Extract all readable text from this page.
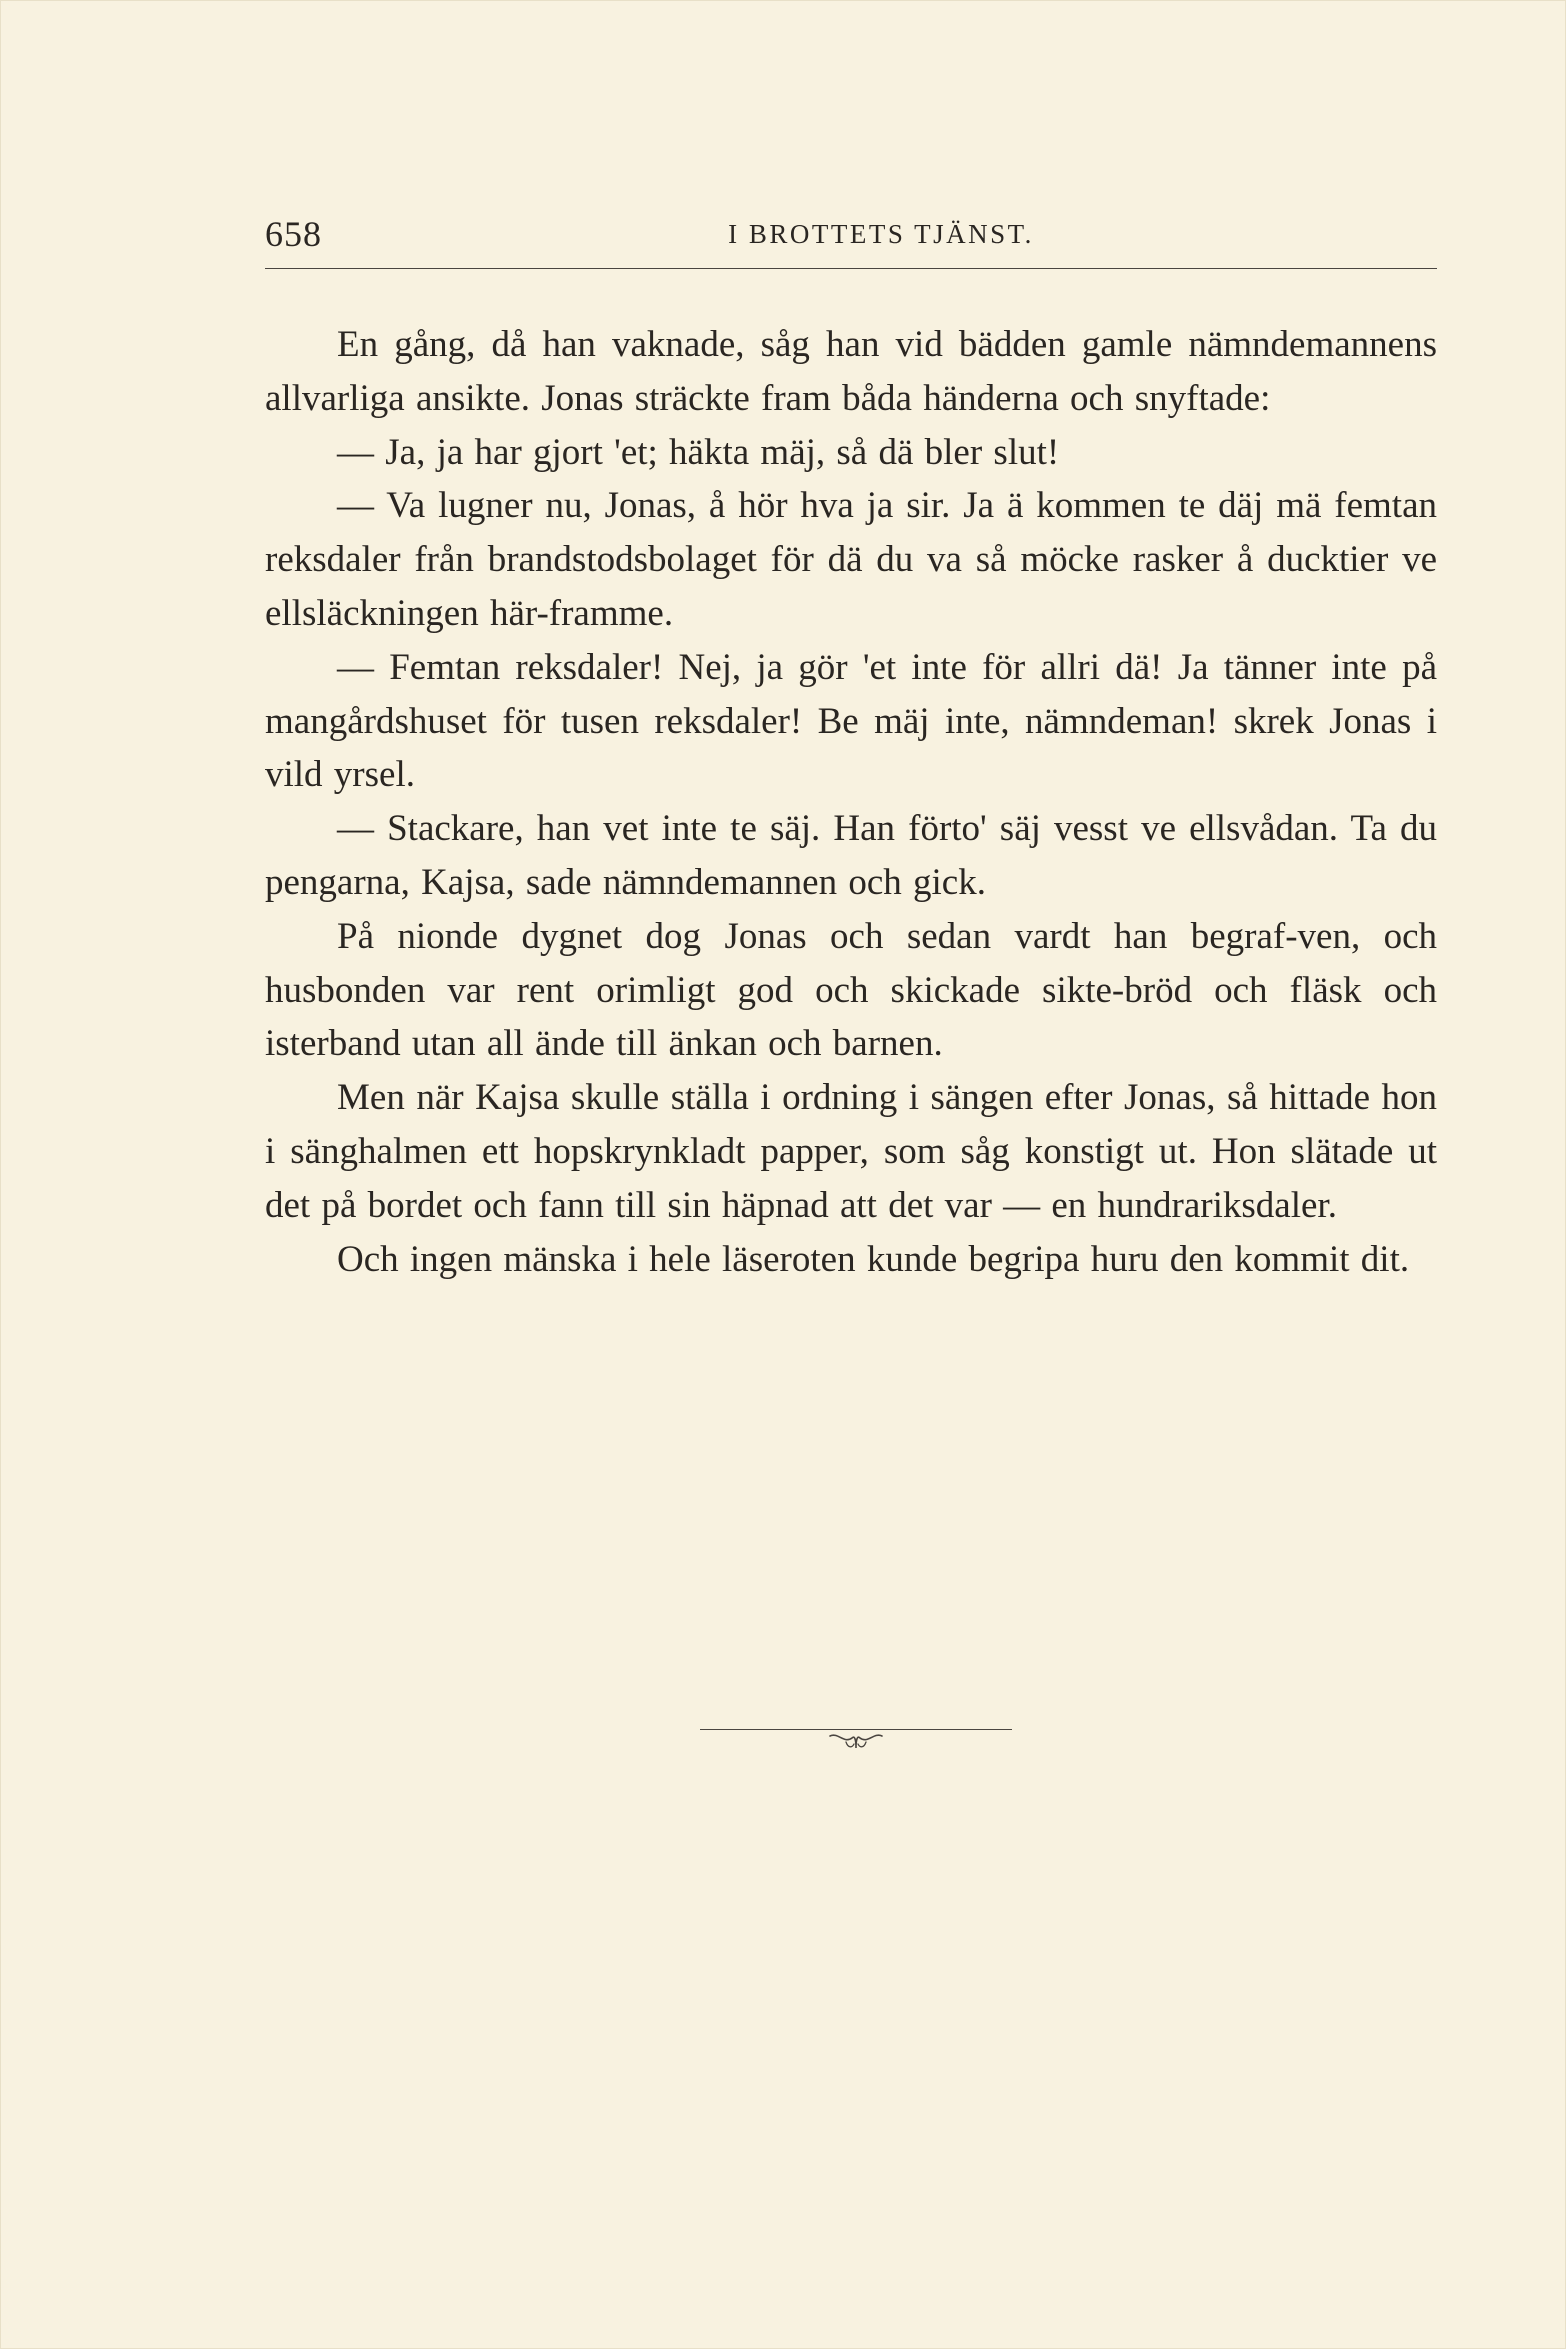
658	I BROTTETS TJÄNST.

En gång, då han vaknade, såg han vid bädden gamle nämndemannens allvarliga ansikte. Jonas sträckte fram båda händerna och snyftade:

— Ja, ja har gjort 'et; häkta mäj, så dä bler slut!

— Va lugner nu, Jonas, å hör hva ja sir. Ja ä kommen te däj mä femtan reksdaler från brandstodsbolaget för dä du va så möcke rasker å ducktier ve ellsläckningen här-framme.

— Femtan reksdaler! Nej, ja gör 'et inte för allri dä! Ja tänner inte på mangårdshuset för tusen reksdaler! Be mäj inte, nämndeman! skrek Jonas i vild yrsel.

— Stackare, han vet inte te säj. Han förto' säj vesst ve ellsvådan. Ta du pengarna, Kajsa, sade nämndemannen och gick.

På nionde dygnet dog Jonas och sedan vardt han begraf-ven, och husbonden var rent orimligt god och skickade sikte-bröd och fläsk och isterband utan all ände till änkan och barnen.

Men när Kajsa skulle ställa i ordning i sängen efter Jonas, så hittade hon i sänghalmen ett hopskrynkladt papper, som såg konstigt ut. Hon slätade ut det på bordet och fann till sin häpnad att det var — en hundrariksdaler.

Och ingen mänska i hele läseroten kunde begripa huru den kommit dit.
